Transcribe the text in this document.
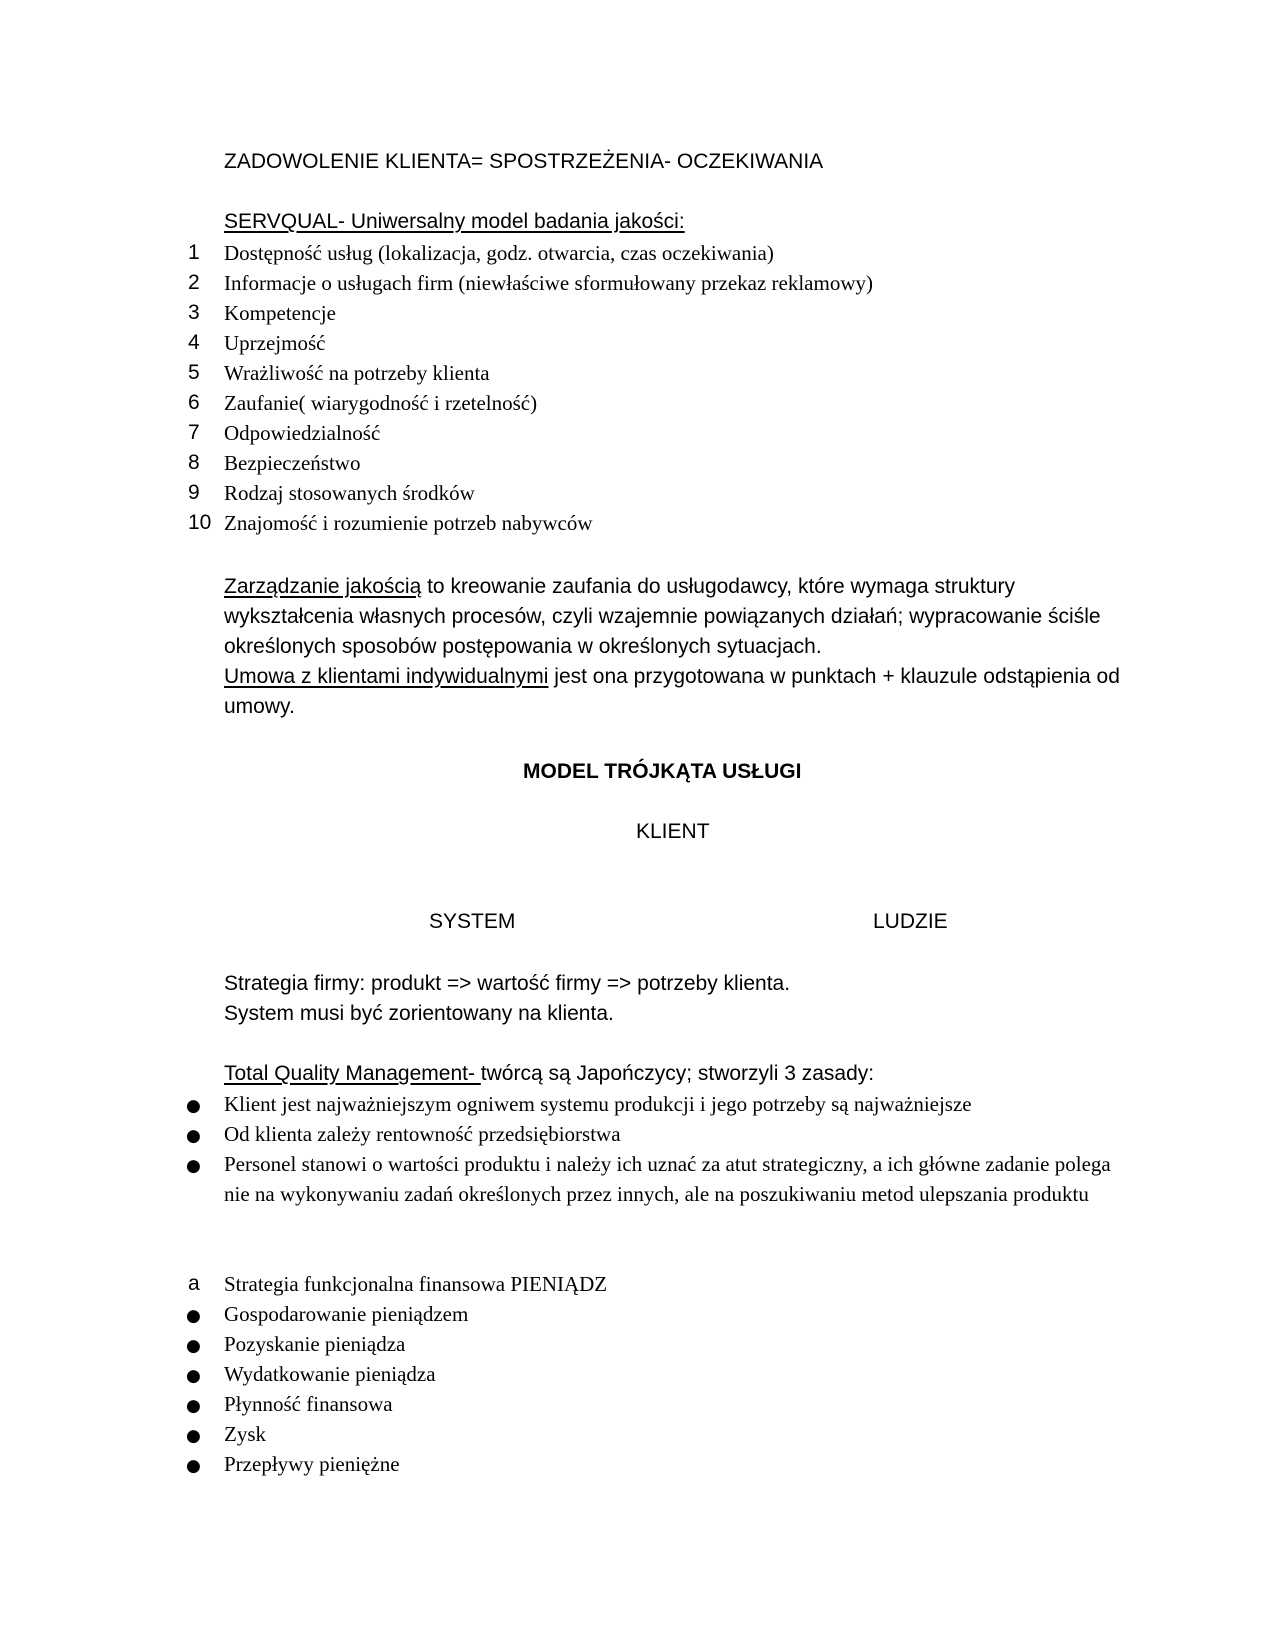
ZADOWOLENIE KLIENTA= SPOSTRZEŻENIA- OCZEKIWANIA
SERVQUAL- Uniwersalny model badania jakości:
1 Dostępność usług (lokalizacja, godz. otwarcia, czas oczekiwania)
2 Informacje o usługach firm (niewłaściwe sformułowany przekaz reklamowy)
3 Kompetencje
4 Uprzejmość
5 Wrażliwość na potrzeby klienta
6 Zaufanie( wiarygodność i rzetelność)
7 Odpowiedzialność
8 Bezpieczeństwo
9 Rodzaj stosowanych środków
10 Znajomość i rozumienie potrzeb nabywców
Zarządzanie jakością to kreowanie zaufania do usługodawcy, które wymaga struktury wykształcenia własnych procesów, czyli wzajemnie powiązanych działań; wypracowanie ściśle określonych sposobów postępowania w określonych sytuacjach.
Umowa z klientami indywidualnymi jest ona przygotowana w punktach + klauzule odstąpienia od umowy.
MODEL TRÓJKĄTA USŁUGI
KLIENT
SYSTEM	LUDZIE
Strategia firmy: produkt => wartość firmy => potrzeby klienta.
System musi być zorientowany na klienta.
Total Quality Management- twórcą są Japończycy; stworzyli 3 zasady:
● Klient jest najważniejszym ogniwem systemu produkcji i jego potrzeby są najważniejsze
● Od klienta zależy rentowność przedsiębiorstwa
● Personel stanowi o wartości produktu i należy ich uznać za atut strategiczny, a ich główne zadanie polega nie na wykonywaniu zadań określonych przez innych, ale na poszukiwaniu metod ulepszania produktu
a Strategia funkcjonalna finansowa PIENIĄDZ
● Gospodarowanie pieniądzem
● Pozyskanie pieniądza
● Wydatkowanie pieniądza
● Płynność finansowa
● Zysk
● Przepływy pieniężne
